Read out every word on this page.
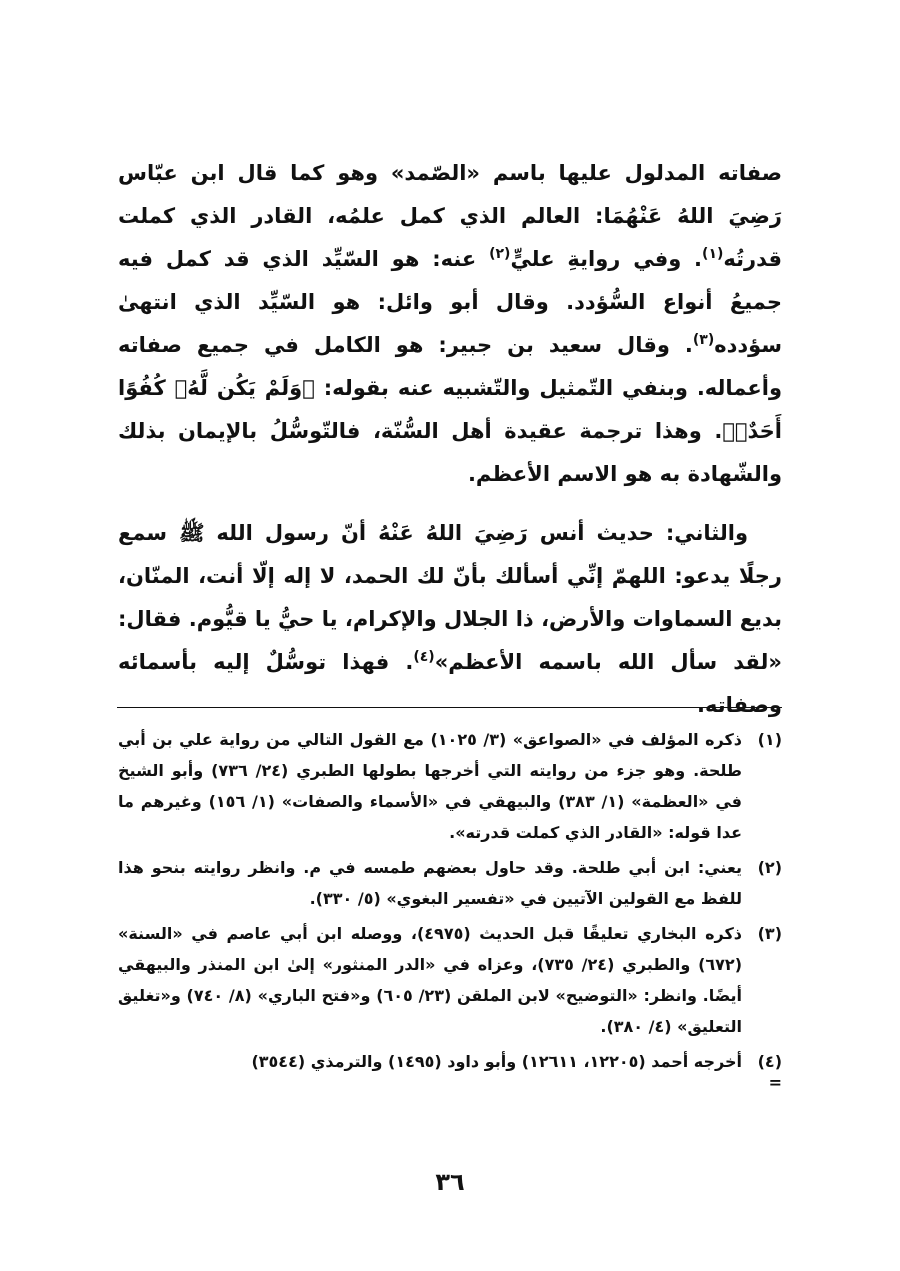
صفاته المدلول عليها باسم «الصّمد» وهو كما قال ابن عبّاس رَضِيَ اللهُ عَنْهُمَا: العالم الذي كمل علمُه، القادر الذي كملت قدرتُه$^{(١)}$. وفي روايةِ عليٍّ$^{(٢)}$ عنه: هو السّيِّد الذي قد كمل فيه جميعُ أنواع السُّؤدد. وقال أبو وائل: هو السّيِّد الذي انتهىٰ سؤدده$^{(٣)}$. وقال سعيد بن جبير: هو الكامل في جميع صفاته وأعماله. وبنفي التّمثيل والتّشبيه عنه بقوله: ﴿وَلَمْ يَكُن لَّهُۥ كُفُوًا أَحَدٌۢ﴾. وهذا ترجمة عقيدة أهل السُّنّة، فالتّوسُّلُ بالإيمان بذلك والشّهادة به هو الاسم الأعظم.

والثاني: حديث أنس رَضِيَ اللهُ عَنْهُ أنّ رسول الله ﷺ سمع رجلًا يدعو: اللهمّ إنِّي أسألك بأنّ لك الحمد، لا إله إلّا أنت، المنّان، بديع السماوات والأرض، ذا الجلال والإكرام، يا حيُّ يا قيُّوم. فقال: «لقد سأل الله باسمه الأعظم»$^{(٤)}$. فهذا توسُّلٌ إليه بأسمائه وصفاته.

(١)
ذكره المؤلف في «الصواعق» (٣/ ١٠٢٥) مع القول التالي من رواية علي بن أبي طلحة. وهو جزء من روايته التي أخرجها بطولها الطبري (٢٤/ ٧٣٦) وأبو الشيخ في «العظمة» (١/ ٣٨٣) والبيهقي في «الأسماء والصفات» (١/ ١٥٦) وغيرهم ما عدا قوله: «القادر الذي كملت قدرته».
(٢)
يعني: ابن أبي طلحة. وقد حاول بعضهم طمسه في م. وانظر روايته بنحو هذا للفظ مع القولين الآتيين في «تفسير البغوي» (٥/ ٣٣٠).
(٣)
ذكره البخاري تعليقًا قبل الحديث (٤٩٧٥)، ووصله ابن أبي عاصم في «السنة» (٦٧٢) والطبري (٢٤/ ٧٣٥)، وعزاه في «الدر المنثور» إلىٰ ابن المنذر والبيهقي أيضًا. وانظر: «التوضيح» لابن الملقن (٢٣/ ٦٠٥) و«فتح الباري» (٨/ ٧٤٠) و«تغليق التعليق» (٤/ ٣٨٠).
(٤)
أخرجه أحمد (١٢٢٠٥، ١٢٦١١) وأبو داود (١٤٩٥) والترمذي (٣٥٤٤)
=
٣٦
